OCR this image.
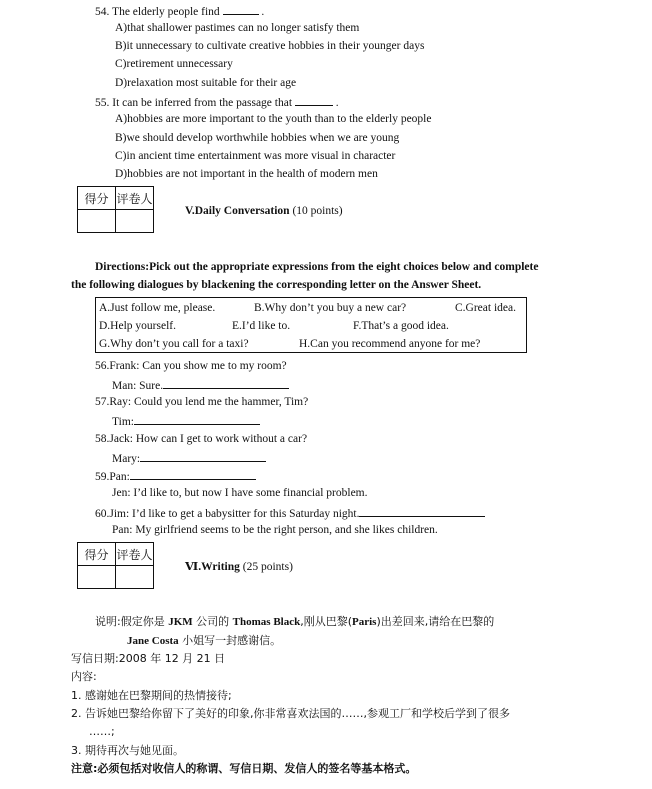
54. The elderly people find	.
A)that shallower pastimes can no longer satisfy them
B)it unnecessary to cultivate creative hobbies in their younger days
C)retirement unnecessary
D)relaxation most suitable for their age
55. It can be inferred from the passage that	.
A)hobbies are more important to the youth than to the elderly people
B)we should develop worthwhile hobbies when we are young
C)in ancient time entertainment was more visual in character
D)hobbies are not important in the health of modern men
得分	评卷人

V.Daily Conversation (10 points)
Directions:Pick out the appropriate expressions from the eight choices below and complete
the following dialogues by blackening the corresponding letter on the Answer Sheet.
A.Just follow me, please.	B.Why don’t you buy a new car?	C.Great idea.
D.Help yourself.	E.I’d like to.	F.That’s a good idea.
G.Why don’t you call for a taxi?	H.Can you recommend anyone for me?
56.Frank: Can you show me to my room?
Man: Sure.
57.Ray: Could you lend me the hammer, Tim?
Tim:
58.Jack: How can I get to work without a car?
Mary:
59.Pan:
Jen: I’d like to, but now I have some financial problem.
60.Jim: I’d like to get a babysitter for this Saturday night.
Pan: My girlfriend seems to be the right person, and she likes children.
得分	评卷人

Ⅵ.Writing (25 points)
说明:假定你是 JKM 公司的 Thomas Black,刚从巴黎(Paris)出差回来,请给在巴黎的
Jane Costa 小姐写一封感谢信。
写信日期:2008 年 12 月 21 日
内容:
1. 感谢她在巴黎期间的热情接待;
2. 告诉她巴黎给你留下了美好的印象,你非常喜欢法国的……,参观工厂和学校后学到了很多
……;
3. 期待再次与她见面。
注意:必须包括对收信人的称谓、写信日期、发信人的签名等基本格式。
